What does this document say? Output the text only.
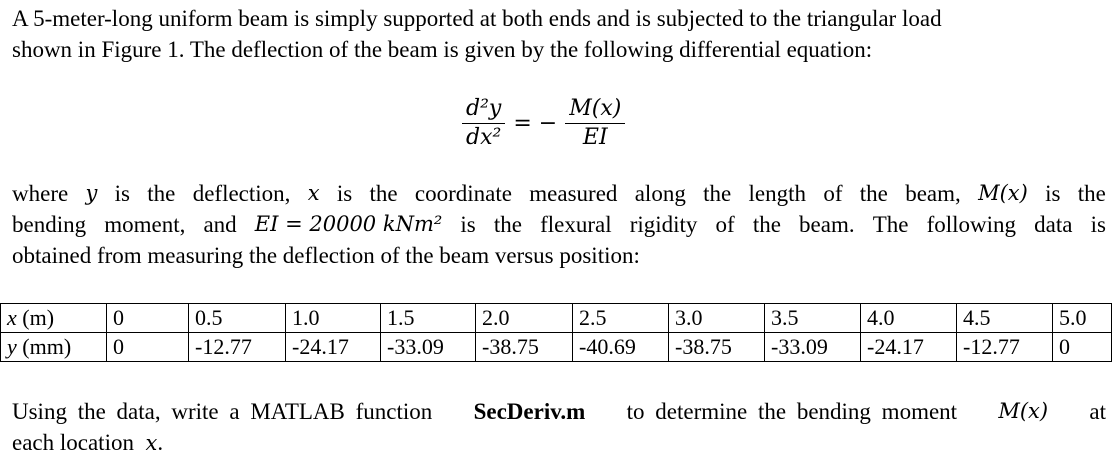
A 5-meter-long uniform beam is simply supported at both ends and is subjected to the triangular load
shown in Figure 1. The deflection of the beam is given by the following differential equation:
$\frac{\text{d²y}}{\text{dx²}}$ = − $\frac{M(x)}{EI}$
where y is the deflection, x is the coordinate measured along the length of the beam, M(x) is the
bending moment, and EI = 20000 kNm² is the flexural rigidity of the beam. The following data is
obtained from measuring the deflection of the beam versus position:
x (m)	0	0.5	1.0	1.5	2.0	2.5	3.0	3.5	4.0	4.5	5.0
y (mm)	0	-12.77	-24.17	-33.09	-38.75	-40.69	-38.75	-33.09	-24.17	-12.77	0
Using the data, write a MATLAB function SecDeriv.m to determine the bending moment M(x) at
each location x.
